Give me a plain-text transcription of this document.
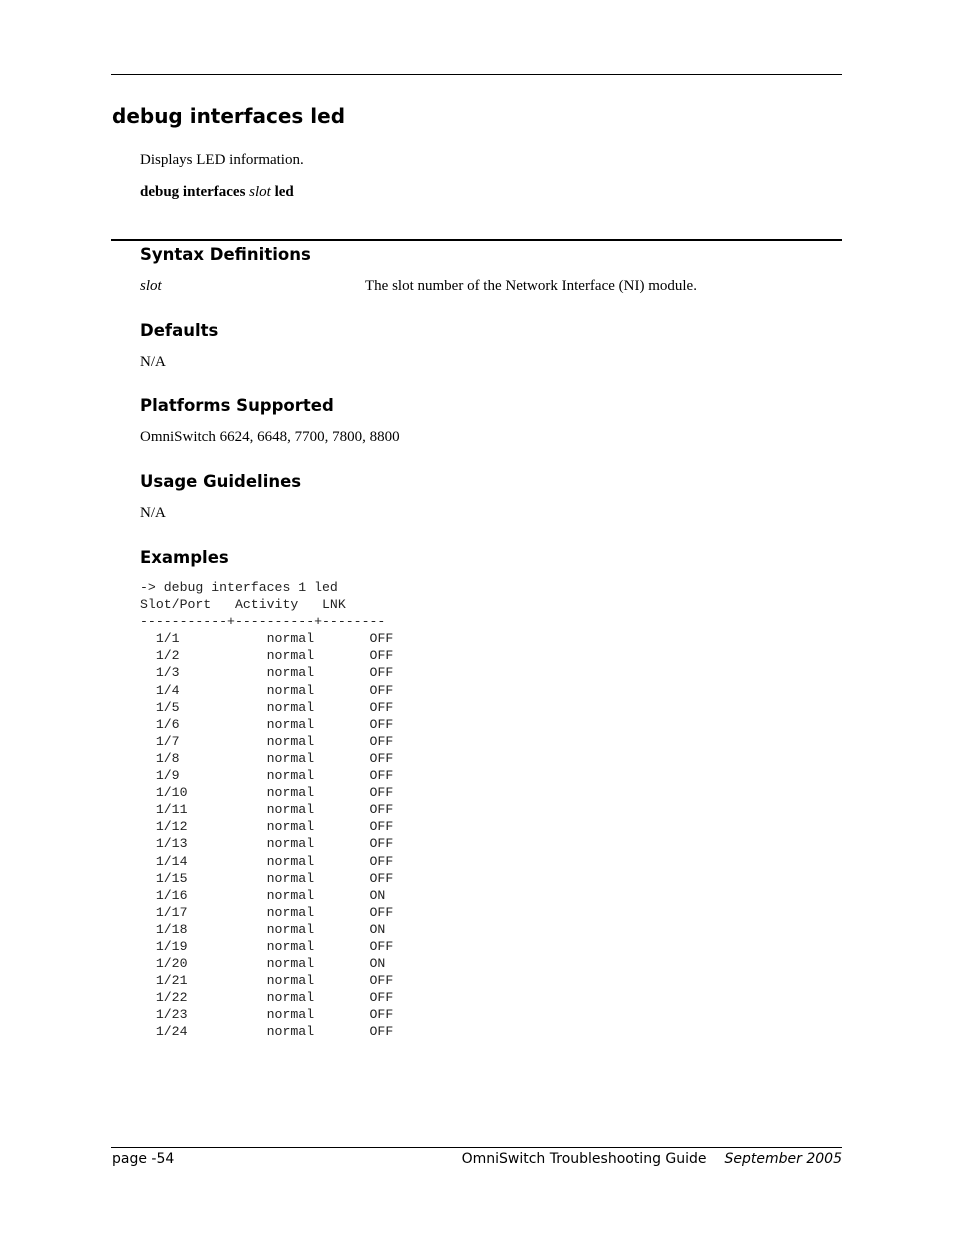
debug interfaces led
Displays LED information.
debug interfaces slot led
Syntax Definitions
slot	The slot number of the Network Interface (NI) module.
Defaults
N/A
Platforms Supported
OmniSwitch 6624, 6648, 7700, 7800, 8800
Usage Guidelines
N/A
Examples
-> debug interfaces 1 led
Slot/Port   Activity   LNK
-----------+----------+--------
1/1	normal	OFF
1/2	normal	OFF
1/3	normal	OFF
1/4	normal	OFF
1/5	normal	OFF
1/6	normal	OFF
1/7	normal	OFF
1/8	normal	OFF
1/9	normal	OFF
1/10	normal	OFF
1/11	normal	OFF
1/12	normal	OFF
1/13	normal	OFF
1/14	normal	OFF
1/15	normal	OFF
1/16	normal	ON
1/17	normal	OFF
1/18	normal	ON
1/19	normal	OFF
1/20	normal	ON
1/21	normal	OFF
1/22	normal	OFF
1/23	normal	OFF
1/24	normal	OFF
page -54	OmniSwitch Troubleshooting Guide September 2005
